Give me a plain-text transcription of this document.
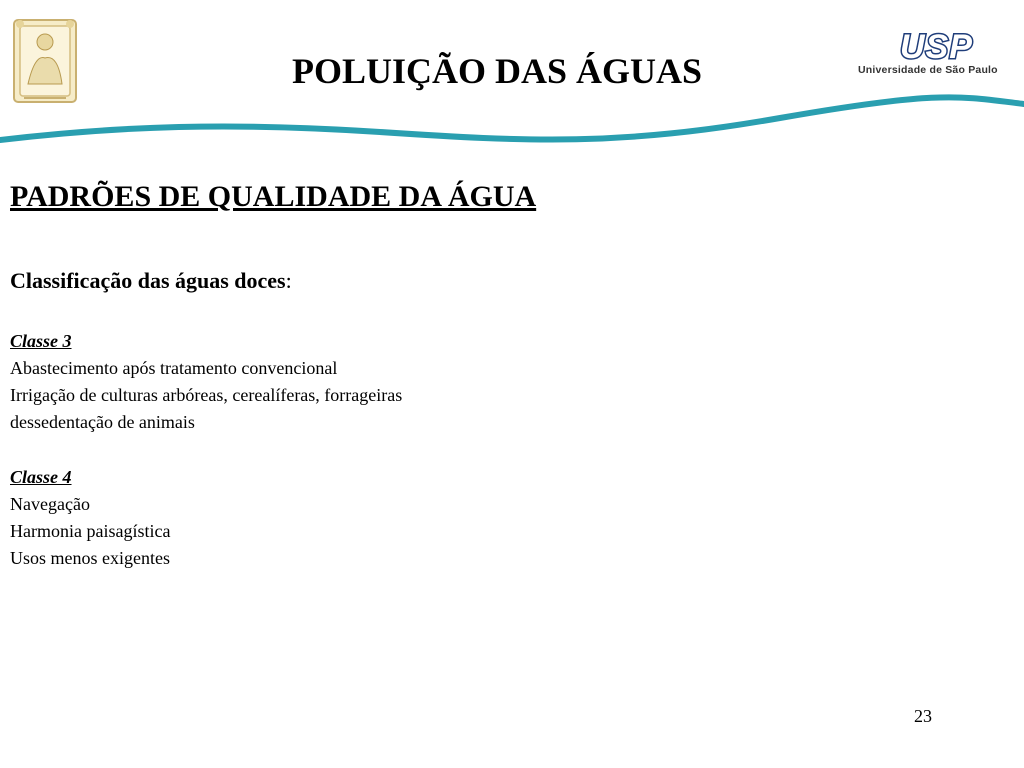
USP
Universidade de São Paulo
POLUIÇÃO DAS ÁGUAS
PADRÕES DE QUALIDADE DA ÁGUA
Classificação das águas doces:
Classe 3
Abastecimento após tratamento convencional
Irrigação de culturas arbóreas, cerealíferas, forrageiras
dessedentação de animais
Classe 4
Navegação
Harmonia paisagística
Usos menos exigentes
23
